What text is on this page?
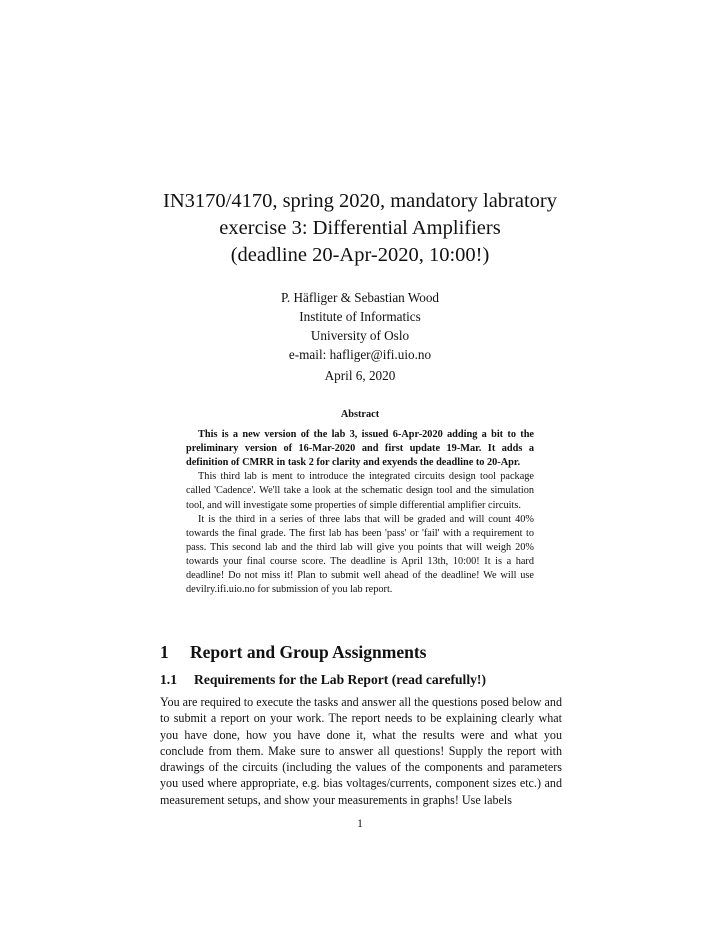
IN3170/4170, spring 2020, mandatory labratory
exercise 3: Differential Amplifiers
(deadline 20-Apr-2020, 10:00!)
P. Häfliger & Sebastian Wood
Institute of Informatics
University of Oslo
e-mail: hafliger@ifi.uio.no
April 6, 2020
Abstract

This is a new version of the lab 3, issued 6-Apr-2020 adding a bit to the preliminary version of 16-Mar-2020 and first update 19-Mar. It adds a definition of CMRR in task 2 for clarity and exyends the deadline to 20-Apr.

This third lab is ment to introduce the integrated circuits design tool package called 'Cadence'. We'll take a look at the schematic design tool and the simulation tool, and will investigate some properties of simple differential amplifier circuits.

It is the third in a series of three labs that will be graded and will count 40% towards the final grade. The first lab has been 'pass' or 'fail' with a requirement to pass. This second lab and the third lab will give you points that will weigh 20% towards your final course score. The deadline is April 13th, 10:00! It is a hard deadline! Do not miss it! Plan to submit well ahead of the deadline! We will use devilry.ifi.uio.no for submission of you lab report.

1 Report and Group Assignments
1.1 Requirements for the Lab Report (read carefully!)

You are required to execute the tasks and answer all the questions posed below and to submit a report on your work. The report needs to be explaining clearly what you have done, how you have done it, what the results were and what you conclude from them. Make sure to answer all questions! Supply the report with drawings of the circuits (including the values of the components and parameters you used where appropriate, e.g. bias voltages/currents, component sizes etc.) and measurement setups, and show your measurements in graphs! Use labels

1
